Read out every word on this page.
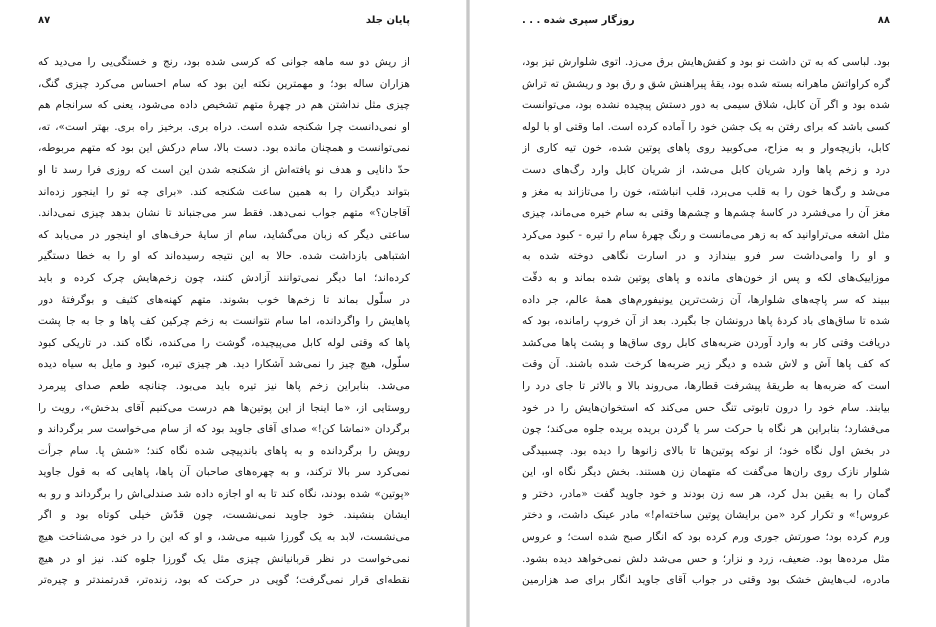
پایان جلد
۸۷
از ریش دو سه ماهه جوانی که کرسی شده بود، رنج و خستگی‌یی را می‌دید که
هزاران ساله بود؛ و مهمترین نکته این بود که سام احساس می‌کرد چیزی گنگ،
چیزی مثل نداشتن هم در چهرهٔ متهم تشخیص داده می‌شود، یعنی که سرانجام هم
او نمی‌دانست چرا شکنجه شده است. دراه بری. برخیز راه بری. بهتر است»، ته،
نمی‌توانست و همچنان مانده بود. دست بالا، سام درکش این بود که متهم مربوطه،
حدّ دانایی و هدف نو یافته‌اش از شکنجه شدن این است که روزی فرا رسد تا او
بتواند دیگران را به همین ساعت شکنجه کند. «برای چه تو را اینجور زده‌اند
آقاجان؟» متهم جواب نمی‌دهد. فقط سر می‌جنباند تا نشان بدهد چیزی نمی‌داند.
ساعتی دیگر که زبان می‌گشاید، سام از سایهٔ حرف‌های او اینجور در می‌یابد که
اشتباهی بازداشت شده. حالا به این نتیجه رسیده‌اند که او را به خطا دستگیر
کرده‌اند؛ اما دیگر نمی‌توانند آزادش کنند، چون زخم‌هایش چرک کرده و باید
در سلّول بماند تا زخم‌ها خوب بشوند. متهم کهنه‌های کثیف و بوگرفتهٔ دور
پاهایش را واگردانده، اما سام نتوانست به زخم چرکین کف پاها و جا به جا پشت
پاها که وقتی لوله کابل می‌پیچیده، گوشت را می‌کنده، نگاه کند. در تاریکی کبود
سلّول، هیچ چیز را نمی‌شد آشکارا دید. هر چیزی تیره، کبود و مایل به سیاه دیده
می‌شد. بنابراین زخم پاها نیز تیره باید می‌بود. چنانچه طعم صدای پیرمرد
روستایی از، «ما اینجا از این پوتین‌ها هم درست می‌کنیم آقای بدخش»، رویت را
برگردان «نماشا کن!» صدای آقای جاوید بود که از سام می‌خواست سر برگرداند و
رویش را برگردانده و به پاهای باندپیچی شده نگاه کند؛ «شش پا. سام جرأت
نمی‌کرد سر بالا ترکند، و به چهره‌های صاحبان آن پاها، پاهایی که به قول جاوید
«پوتین» شده بودند، نگاه کند تا به او اجازه داده شد صندلی‌اش را برگرداند و رو به
ایشان بنشیند. خود جاوید نمی‌نشست، چون قدّش خیلی کوتاه بود و اگر
می‌نشست، لابد به یک گورزا شبیه می‌شد، و او که این را در خود می‌شناخت هیچ
نمی‌خواست در نظر قربانیانش چیزی مثل یک گورزا جلوه کند. نیز او در هیچ
نقطه‌ای قرار نمی‌گرفت؛ گویی در حرکت که بود، زنده‌تر، قدرتمندتر و چیره‌تر
۸۸
روزگار سپری شده . . .
بود. لباسی که به تن داشت نو بود و کفش‌هایش برق می‌زد. اتوی شلوارش تیز بود،
گره کراواتش ماهرانه بسته شده بود، یقهٔ پیراهنش شق و رق بود و ریشش ته تراش
شده بود و اگر آن کابل، شلاق سیمی به دور دستش پیچیده نشده بود، می‌توانست
کسی باشد که برای رفتن به یک جشن خود را آماده کرده است. اما وقتی او با لوله
کابل، بازیچه‌وار و به مزاح، می‌کوبید روی پاهای پوتین شده، خون تیه کاری از
درد و زخم پاها وارد شریان کابل می‌شد، از شریان کابل وارد رگ‌های دست
می‌شد و رگ‌ها خون را به قلب می‌برد، قلب انباشته، خون را می‌تازاند به مغز و
مغز آن را می‌فشرد در کاسهٔ چشم‌ها و چشم‌ها وقتی به سام خیره می‌ماند، چیزی
مثل اشغه می‌تراوانید که به زهر می‌مانست و رنگ چهرهٔ سام را تیره - کبود می‌کرد
و او را وامی‌داشت سر فرو بیندازد و در اسارت نگاهی دوخته شده به
موزاییک‌های لکه و پس از خون‌های مانده و پاهای پوتین شده بماند و به دقّت
ببیند که سر پاچه‌های شلوارها، آن زشت‌ترین یونیفورم‌های همهٔ عالم، جر داده
شده تا ساق‌های باد کردهٔ پاها درونشان جا بگیرد. بعد از آن خروپ رامانده، بود که
دریافت وقتی کار به وارد آوردن ضربه‌های کابل روی ساق‌ها و پشت پاها می‌کشد
که کف پاها آش و لاش شده و دیگر زیر ضربه‌ها کرخت شده باشند. آن وقت
است که ضربه‌ها به طریقهٔ پیشرفت قطارها، می‌روند بالا و بالاتر تا جای درد را
بیابند. سام خود را درون تابوتی تنگ حس می‌کند که استخوان‌هایش را در خود
می‌فشارد؛ بنابراین هر نگاه با حرکت سر یا گردن بریده بریده جلوه می‌کند؛ چون
در بخش اول نگاه خود؛ از نوکه پوتین‌ها تا بالای زانوها را دیده بود. چسبیدگی
شلوار نازک روی ران‌ها می‌گفت که متهمان زن هستند. بخش دیگر نگاه او، این
گمان را به یقین بدل کرد، هر سه زن بودند و خود جاوید گفت «مادر، دختر و
عروس!» و تکرار کرد «من برایشان پوتین ساخته‌ام!» مادر عینک داشت، و دختر
ورم کرده بود؛ صورتش جوری ورم کرده بود که انگار صبح شده است؛ و عروس
مثل مرده‌ها بود. ضعیف، زرد و نزار؛ و حس می‌شد دلش نمی‌خواهد دیده بشود.
مادره، لب‌هایش خشک بود وقتی در جواب آقای جاوید انگار برای صد هزارمین
